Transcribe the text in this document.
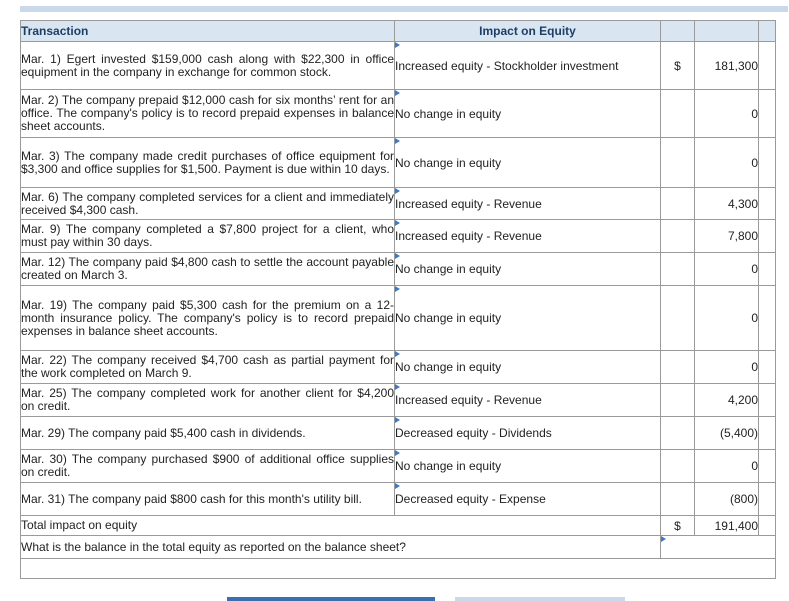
Transaction	Impact on Equity			
Mar. 1) Egert invested $159,000 cash along with $22,300 in office equipment in the company in exchange for common stock.	Increased equity - Stockholder investment	$	181,300	
Mar. 2) The company prepaid $12,000 cash for six months’ rent for an office. The company's policy is to record prepaid expenses in balance sheet accounts.	No change in equity		0	
Mar. 3) The company made credit purchases of office equipment for $3,300 and office supplies for $1,500. Payment is due within 10 days.	No change in equity		0	
Mar. 6) The company completed services for a client and immediately received $4,300 cash.	Increased equity - Revenue		4,300	
Mar. 9) The company completed a $7,800 project for a client, who must pay within 30 days.	Increased equity - Revenue		7,800	
Mar. 12) The company paid $4,800 cash to settle the account payable created on March 3.	No change in equity		0	
Mar. 19) The company paid $5,300 cash for the premium on a 12-month insurance policy. The company's policy is to record prepaid expenses in balance sheet accounts.	No change in equity		0	
Mar. 22) The company received $4,700 cash as partial payment for the work completed on March 9.	No change in equity		0	
Mar. 25) The company completed work for another client for $4,200 on credit.	Increased equity - Revenue		4,200	
Mar. 29) The company paid $5,400 cash in dividends.	Decreased equity - Dividends		(5,400)	
Mar. 30) The company purchased $900 of additional office supplies on credit.	No change in equity		0	
Mar. 31) The company paid $800 cash for this month's utility bill.	Decreased equity - Expense		(800)	
Total impact on equity		$	191,400	
What is the balance in the total equity as reported on the balance sheet?				
